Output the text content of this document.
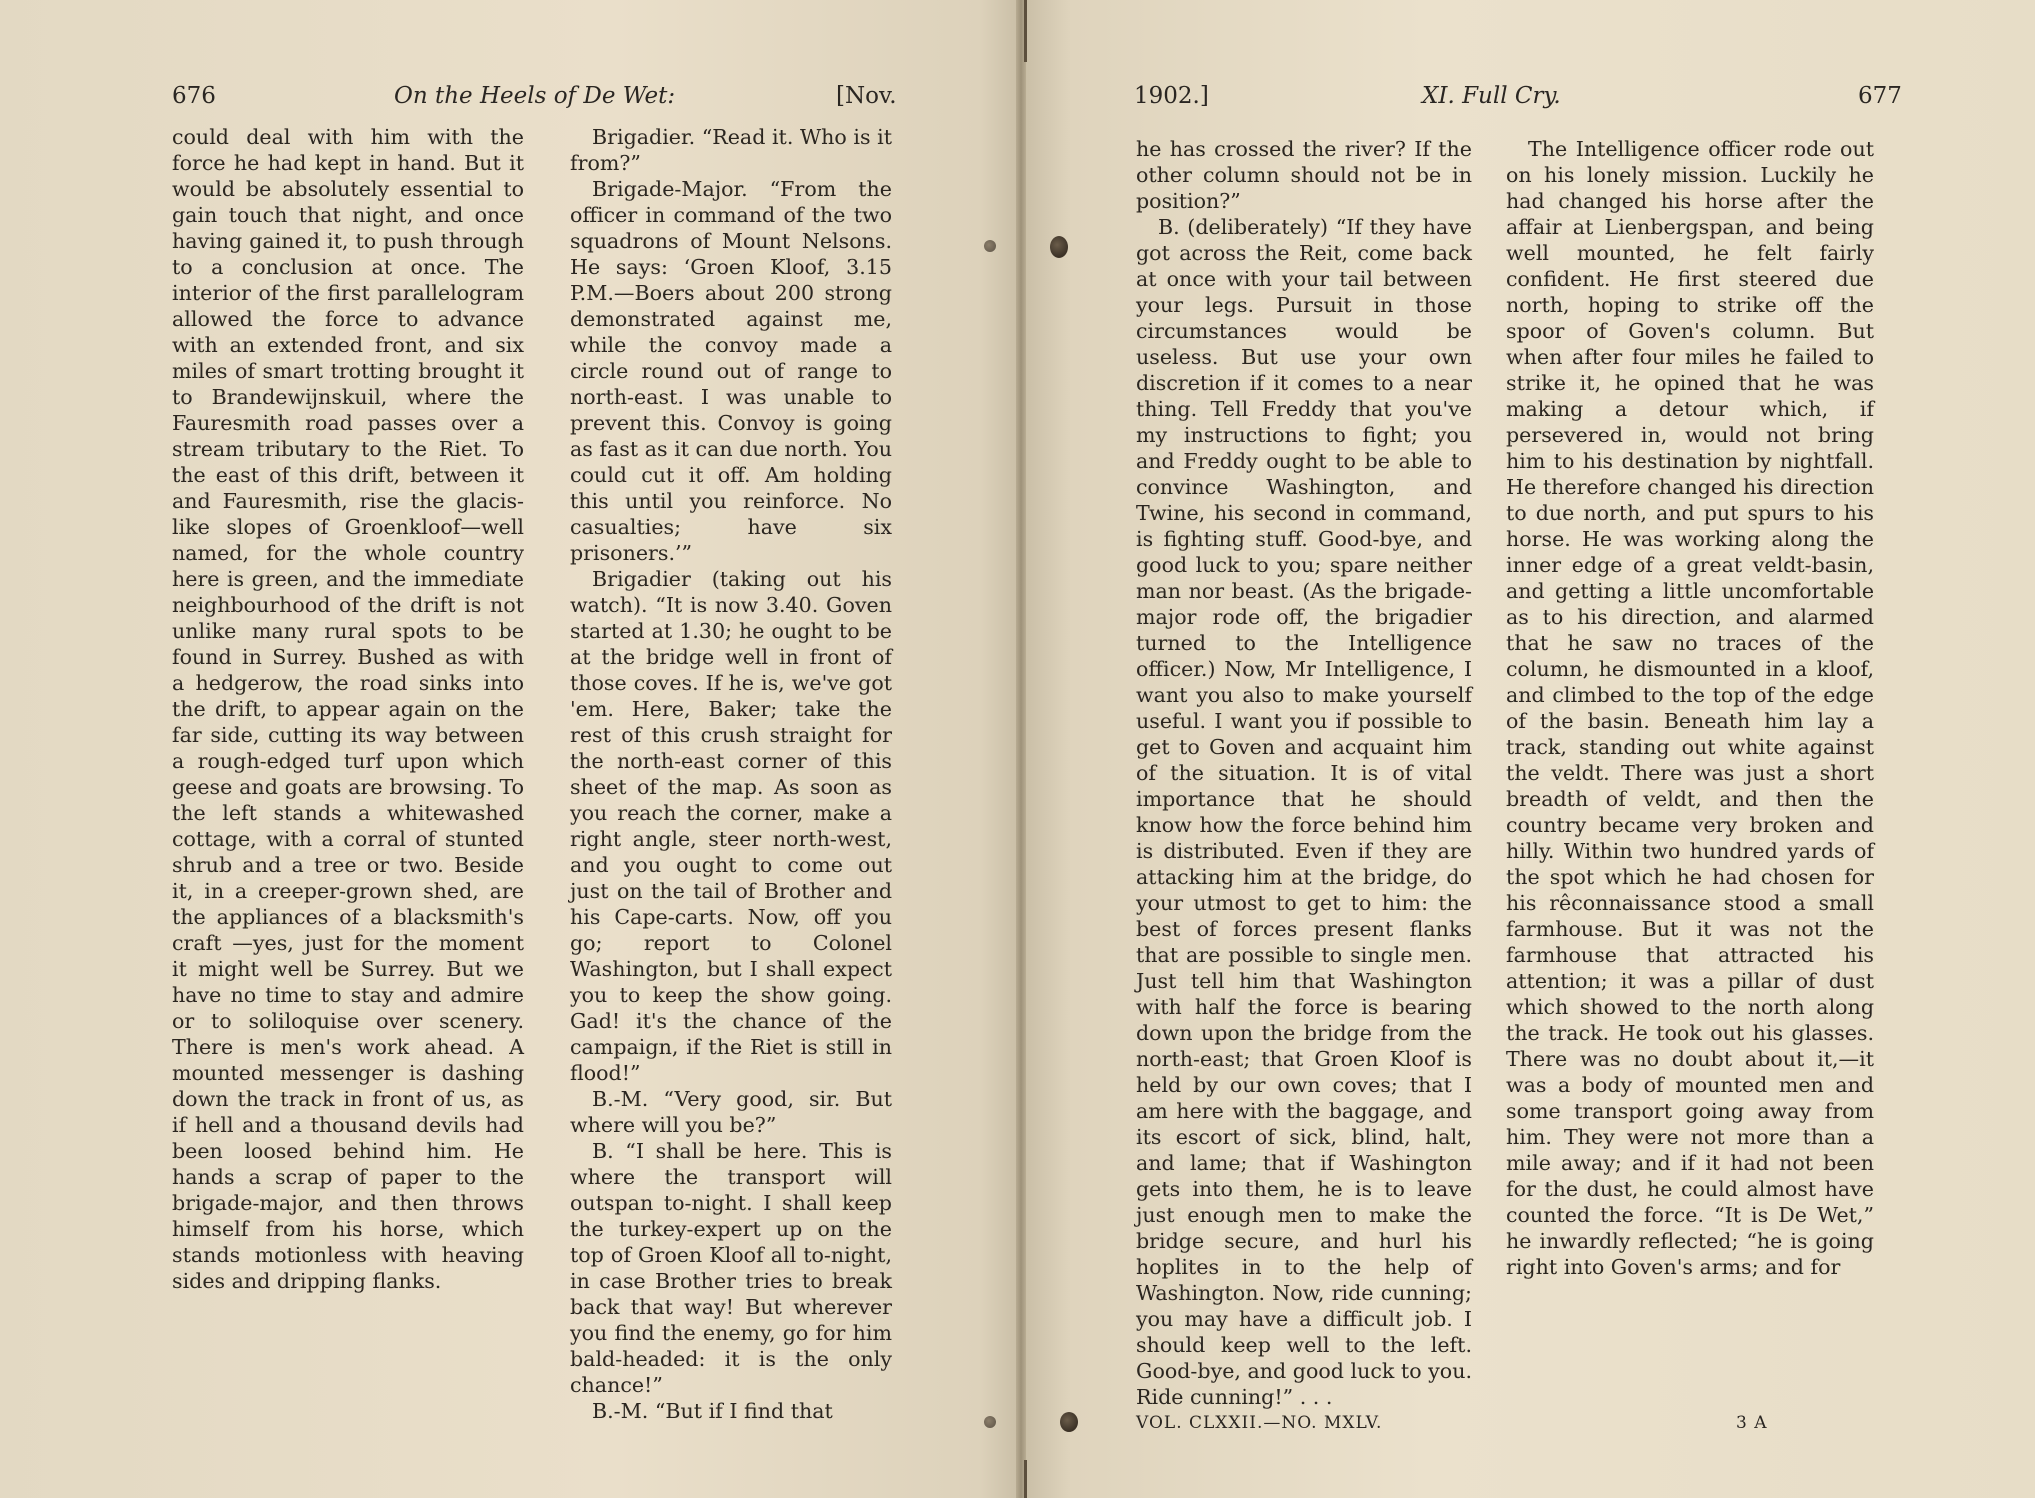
676	On the Heels of De Wet:	[Nov.

could deal with him with the force he had kept in hand. But it would be absolutely essential to gain touch that night, and once having gained it, to push through to a conclusion at once. The interior of the first parallelogram allowed the force to advance with an extended front, and six miles of smart trotting brought it to Brandewijnskuil, where the Fauresmith road passes over a stream tributary to the Riet. To the east of this drift, between it and Fauresmith, rise the glacis-like slopes of Groenkloof—well named, for the whole country here is green, and the immediate neighbourhood of the drift is not unlike many rural spots to be found in Surrey. Bushed as with a hedgerow, the road sinks into the drift, to appear again on the far side, cutting its way between a rough-edged turf upon which geese and goats are browsing. To the left stands a whitewashed cottage, with a corral of stunted shrub and a tree or two. Beside it, in a creeper-grown shed, are the appliances of a blacksmith's craft —yes, just for the moment it might well be Surrey. But we have no time to stay and admire or to soliloquise over scenery. There is men's work ahead. A mounted messenger is dashing down the track in front of us, as if hell and a thousand devils had been loosed behind him. He hands a scrap of paper to the brigade-major, and then throws himself from his horse, which stands motionless with heaving sides and dripping flanks.

Brigadier. “Read it. Who is it from?”

Brigade-Major. “From the officer in command of the two squadrons of Mount Nelsons. He says: ‘Groen Kloof, 3.15 P.M.—Boers about 200 strong demonstrated against me, while the convoy made a circle round out of range to north-east. I was unable to prevent this. Convoy is going as fast as it can due north. You could cut it off. Am holding this until you reinforce. No casualties; have six prisoners.’”

Brigadier (taking out his watch). “It is now 3.40. Goven started at 1.30; he ought to be at the bridge well in front of those coves. If he is, we've got 'em. Here, Baker; take the rest of this crush straight for the north-east corner of this sheet of the map. As soon as you reach the corner, make a right angle, steer north-west, and you ought to come out just on the tail of Brother and his Cape-carts. Now, off you go; report to Colonel Washington, but I shall expect you to keep the show going. Gad! it's the chance of the campaign, if the Riet is still in flood!”

B.-M. “Very good, sir. But where will you be?”

B. “I shall be here. This is where the transport will outspan to-night. I shall keep the turkey-expert up on the top of Groen Kloof all to-night, in case Brother tries to break back that way! But wherever you find the enemy, go for him bald-headed: it is the only chance!”

B.-M. “But if I find that

1902.]	XI. Full Cry.	677

he has crossed the river? If the other column should not be in position?”

B. (deliberately) “If they have got across the Reit, come back at once with your tail between your legs. Pursuit in those circumstances would be useless. But use your own discretion if it comes to a near thing. Tell Freddy that you've my instructions to fight; you and Freddy ought to be able to convince Washington, and Twine, his second in command, is fighting stuff. Good-bye, and good luck to you; spare neither man nor beast. (As the brigade-major rode off, the brigadier turned to the Intelligence officer.) Now, Mr Intelligence, I want you also to make yourself useful. I want you if possible to get to Goven and acquaint him of the situation. It is of vital importance that he should know how the force behind him is distributed. Even if they are attacking him at the bridge, do your utmost to get to him: the best of forces present flanks that are possible to single men. Just tell him that Washington with half the force is bearing down upon the bridge from the north-east; that Groen Kloof is held by our own coves; that I am here with the baggage, and its escort of sick, blind, halt, and lame; that if Washington gets into them, he is to leave just enough men to make the bridge secure, and hurl his hoplites in to the help of Washington. Now, ride cunning; you may have a difficult job. I should keep well to the left. Good-bye, and good luck to you. Ride cunning!” . . .

The Intelligence officer rode out on his lonely mission. Luckily he had changed his horse after the affair at Lienbergspan, and being well mounted, he felt fairly confident. He first steered due north, hoping to strike off the spoor of Goven's column. But when after four miles he failed to strike it, he opined that he was making a detour which, if persevered in, would not bring him to his destination by nightfall. He therefore changed his direction to due north, and put spurs to his horse. He was working along the inner edge of a great veldt-basin, and getting a little uncomfortable as to his direction, and alarmed that he saw no traces of the column, he dismounted in a kloof, and climbed to the top of the edge of the basin. Beneath him lay a track, standing out white against the veldt. There was just a short breadth of veldt, and then the country became very broken and hilly. Within two hundred yards of the spot which he had chosen for his rêconnaissance stood a small farmhouse. But it was not the farmhouse that attracted his attention; it was a pillar of dust which showed to the north along the track. He took out his glasses. There was no doubt about it,—it was a body of mounted men and some transport going away from him. They were not more than a mile away; and if it had not been for the dust, he could almost have counted the force. “It is De Wet,” he inwardly reflected; “he is going right into Goven's arms; and for

VOL. CLXXII.—NO. MXLV.	3 A
